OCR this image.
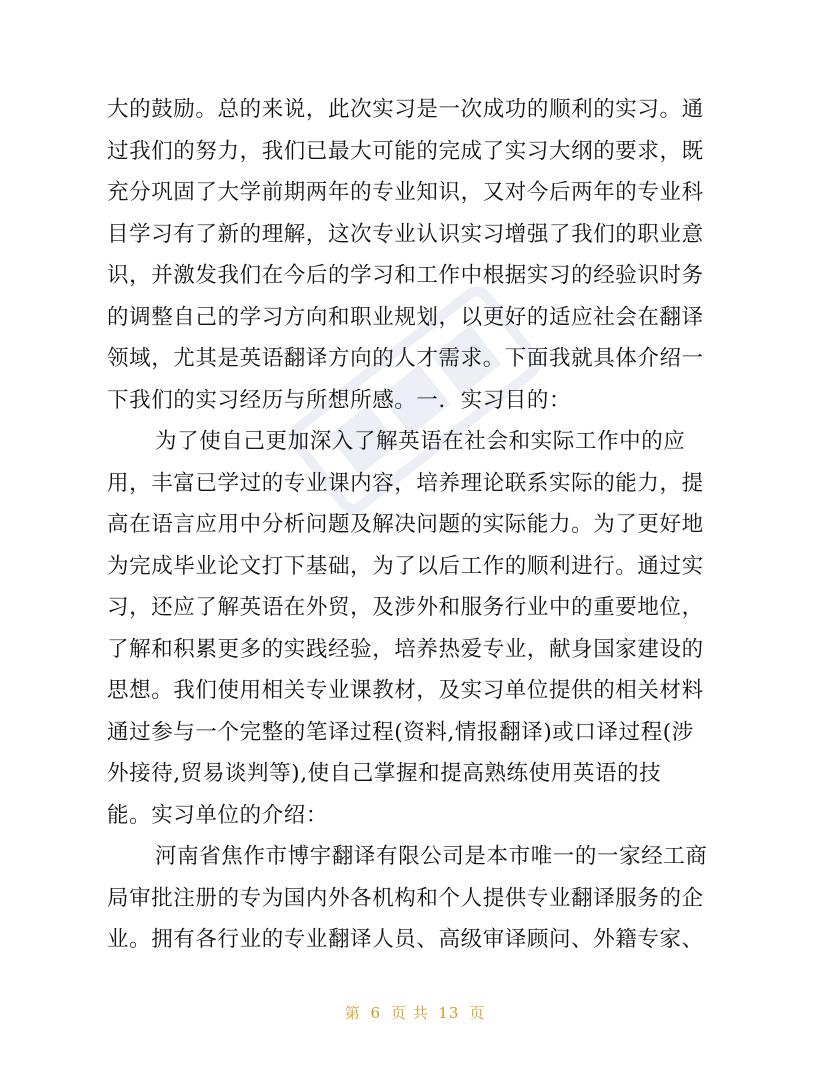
大的鼓励。总的来说，此次实习是一次成功的顺利的实习。通
过我们的努力，我们已最大可能的完成了实习大纲的要求，既
充分巩固了大学前期两年的专业知识，又对今后两年的专业科
目学习有了新的理解，这次专业认识实习增强了我们的职业意
识，并激发我们在今后的学习和工作中根据实习的经验识时务
的调整自己的学习方向和职业规划，以更好的适应社会在翻译
领域，尤其是英语翻译方向的人才需求。下面我就具体介绍一
下我们的实习经历与所想所感。一．实习目的：
为了使自己更加深入了解英语在社会和实际工作中的应
用，丰富已学过的专业课内容，培养理论联系实际的能力，提
高在语言应用中分析问题及解决问题的实际能力。为了更好地
为完成毕业论文打下基础，为了以后工作的顺利进行。通过实
习，还应了解英语在外贸，及涉外和服务行业中的重要地位，
了解和积累更多的实践经验，培养热爱专业，献身国家建设的
思想。我们使用相关专业课教材，及实习单位提供的相关材料
通过参与一个完整的笔译过程(资料,情报翻译)或口译过程(涉
外接待,贸易谈判等),使自己掌握和提高熟练使用英语的技
能。实习单位的介绍：
河南省焦作市博宇翻译有限公司是本市唯一的一家经工商
局审批注册的专为国内外各机构和个人提供专业翻译服务的企
业。拥有各行业的专业翻译人员、高级审译顾问、外籍专家、
第 6 页 共 13 页
